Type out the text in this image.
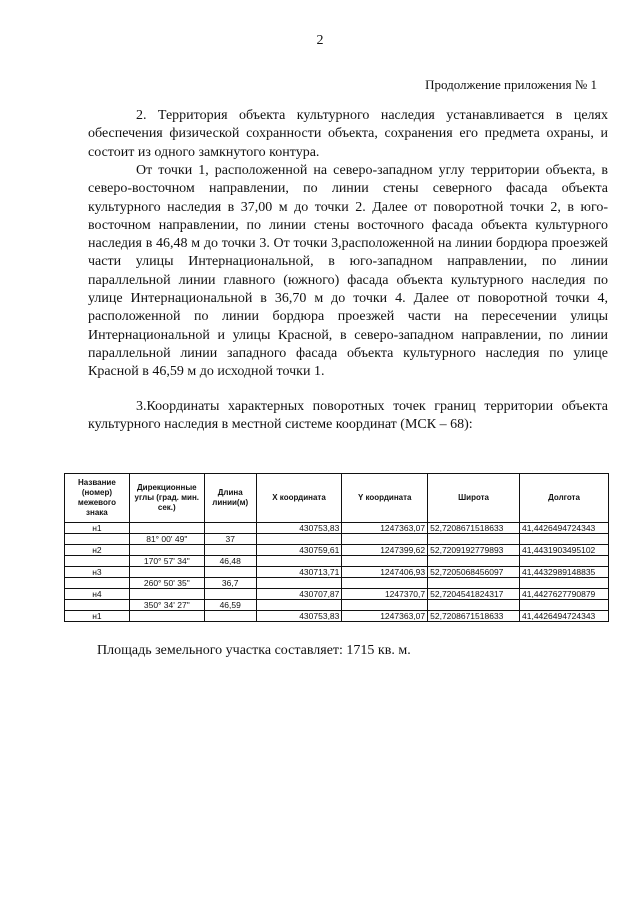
2
Продолжение приложения № 1

2. Территория объекта культурного наследия устанавливается в целях обеспечения физической сохранности объекта, сохранения его предмета охраны, и состоит из одного замкнутого контура.

От точки 1, расположенной на северо-западном углу территории объекта, в северо-восточном направлении, по линии стены северного фасада объекта культурного наследия в 37,00 м до точки 2. Далее от поворотной точки 2, в юго-восточном направлении, по линии стены восточного фасада объекта культурного наследия в 46,48 м до точки 3. От точки 3,расположенной на линии бордюра проезжей части улицы Интернациональной, в юго-западном направлении, по линии параллельной линии главного (южного) фасада объекта культурного наследия по улице Интернациональной в 36,70 м до точки 4. Далее от поворотной точки 4, расположенной по линии бордюра проезжей части на пересечении улицы Интернациональной и улицы Красной, в северо-западном направлении, по линии параллельной линии западного фасада объекта культурного наследия по улице Красной в 46,59 м до исходной точки 1.

3.Координаты характерных поворотных точек границ территории объекта культурного наследия в местной системе координат (МСК – 68):

Название (номер) межевого знака	Дирекционные углы (град. мин. сек.)	Длина линии(м)	Х координата	Y координата	Широта	Долгота
н1			430753,83	1247363,07	52,7208671518633	41,4426494724343
	81° 00' 49"	37				
н2			430759,61	1247399,62	52,7209192779893	41,4431903495102
	170° 57' 34"	46,48				
н3			430713,71	1247406,93	52,7205068456097	41,4432989148835
	260° 50' 35"	36,7				
н4			430707,87	1247370,7	52,7204541824317	41,4427627790879
	350° 34' 27"	46,59				
н1			430753,83	1247363,07	52,7208671518633	41,4426494724343
Площадь земельного участка составляет: 1715 кв. м.
